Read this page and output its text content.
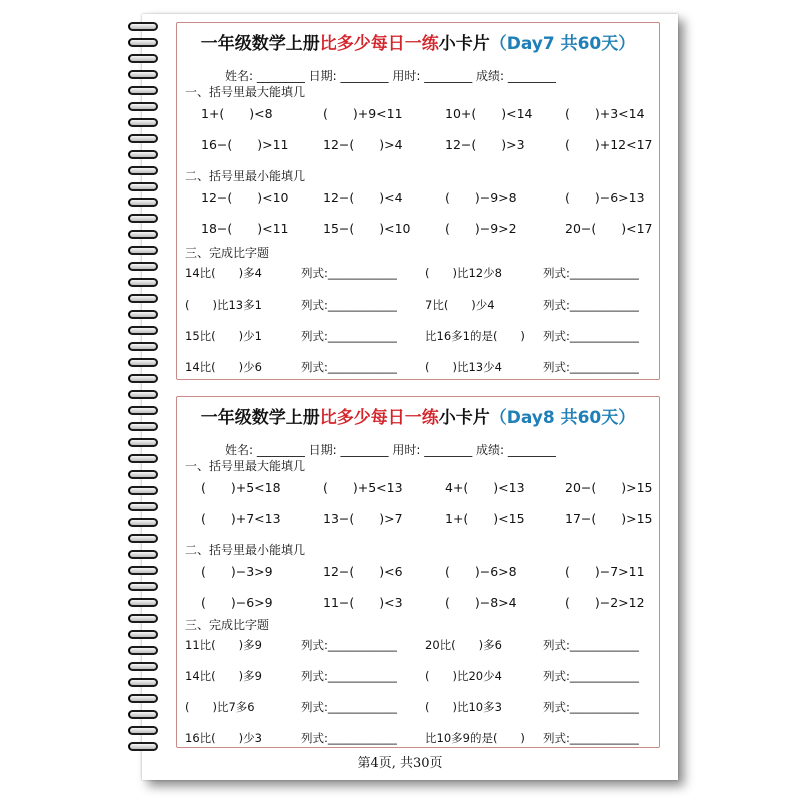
一年级数学上册比多少每日一练小卡片（Day7 共60天）
姓名: ________ 日期: ________ 用时: ________ 成绩: ________
一、括号里最大能填几
1+(　　)<8	(　　)+9<11	10+(　　)<14	(　　)+3<14
16−(　　)>11	12−(　　)>4	12−(　　)>3	(　　)+12<17
二、括号里最小能填几
12−(　　)<10	12−(　　)<4	(　　)−9>8	(　　)−6>13
18−(　　)<11	15−(　　)<10	(　　)−9>2	20−(　　)<17
三、完成比字题
14比(　　)多4	列式:____________ (　　)比12少8	列式:____________
(　　)比13多1	列式:____________ 7比(　　)少4	列式:____________
15比(　　)少1	列式:____________ 比16多1的是(　　) 列式:____________
14比(　　)少6	列式:____________ (　　)比13少4	列式:____________
一年级数学上册比多少每日一练小卡片（Day8 共60天）
姓名: ________ 日期: ________ 用时: ________ 成绩: ________
一、括号里最大能填几
(　　)+5<18	(　　)+5<13	4+(　　)<13	20−(　　)>15
(　　)+7<13	13−(　　)>7	1+(　　)<15	17−(　　)>15
二、括号里最小能填几
(　　)−3>9	12−(　　)<6	(　　)−6>8	(　　)−7>11
(　　)−6>9	11−(　　)<3	(　　)−8>4	(　　)−2>12
三、完成比字题
11比(　　)多9	列式:____________ 20比(　　)多6	列式:____________
14比(　　)多9	列式:____________ (　　)比20少4	列式:____________
(　　)比7多6	列式:____________ (　　)比10多3	列式:____________
16比(　　)少3	列式:____________ 比10多9的是(　　) 列式:____________
第4页, 共30页
